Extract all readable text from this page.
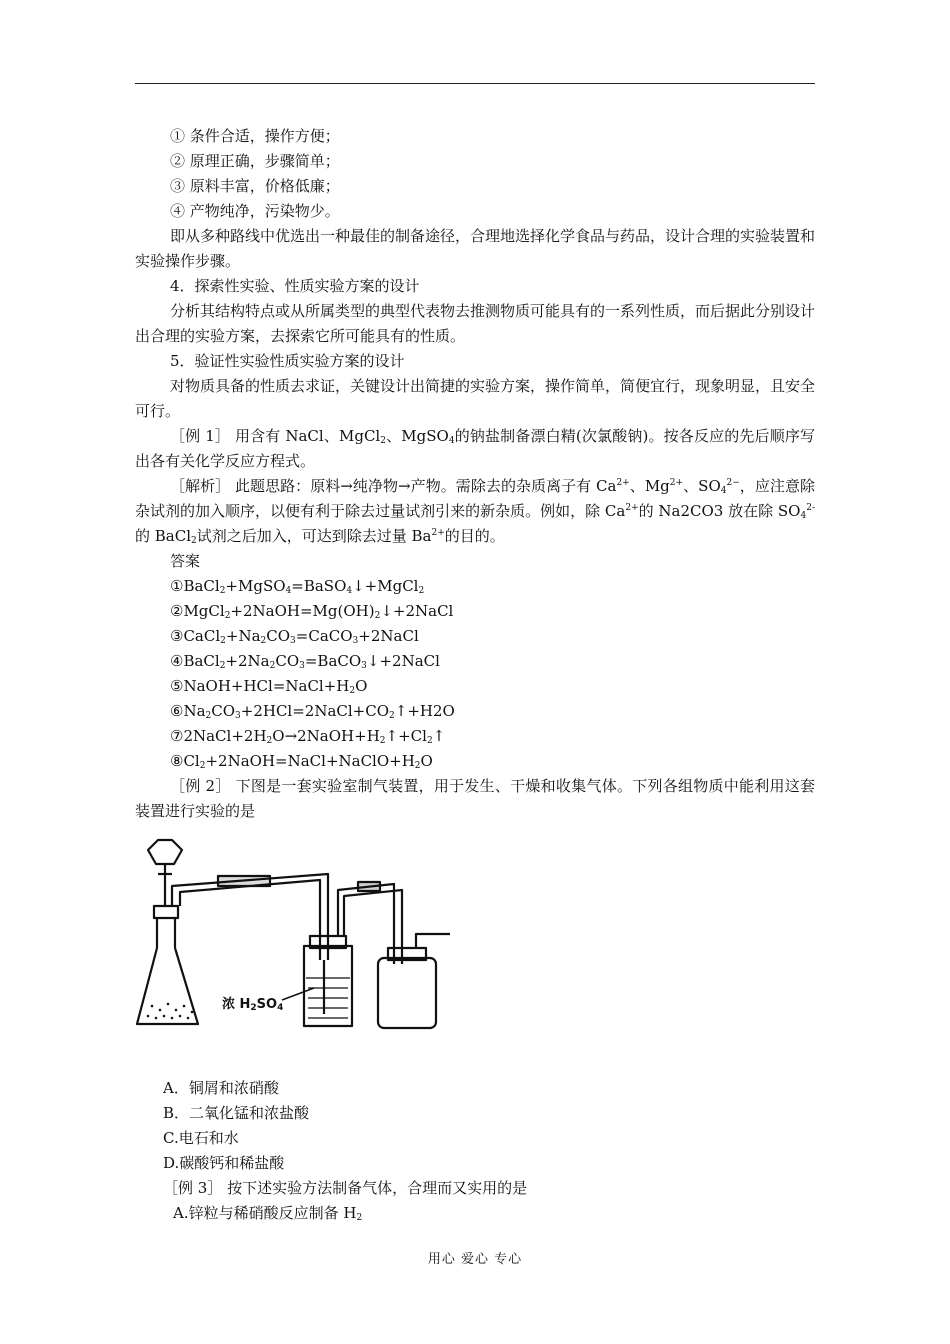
① 条件合适，操作方便；
② 原理正确，步骤简单；
③ 原料丰富，价格低廉；
④ 产物纯净，污染物少。
即从多种路线中优选出一种最佳的制备途径，合理地选择化学食品与药品，设计合理的实验装置和实验操作步骤。
4．探索性实验、性质实验方案的设计
分析其结构特点或从所属类型的典型代表物去推测物质可能具有的一系列性质，而后据此分别设计出合理的实验方案，去探索它所可能具有的性质。
5．验证性实验性质实验方案的设计
对物质具备的性质去求证，关键设计出简捷的实验方案，操作简单，简便宜行，现象明显，且安全可行。
［例 1］ 用含有 NaCl、MgCl$_2$、MgSO$_4$的钠盐制备漂白精(次氯酸钠)。按各反应的先后顺序写出各有关化学反应方程式。
［解析］ 此题思路：原料→纯净物→产物。需除去的杂质离子有 $Ca^{2+}$、$Mg^{2+}$、$SO_4^{2-}$，应注意除杂试剂的加入顺序，以便有利于除去过量试剂引来的新杂质。例如，除 $Ca^{2+}$的 Na2CO3 放在除 $SO_4^{2-}$的 BaCl$_2$试剂之后加入，可达到除去过量 $Ba^{2+}$的目的。
答案
①BaCl$_2$+MgSO$_4$=BaSO$_4$↓+MgCl$_2$
$②MgCl_2+2NaOH=Mg(OH)_2↓+2NaCl$
$③CaCl_2+Na_2CO_3=CaCO_3+2NaCl$
$④BaCl_2+2Na_2CO_3=BaCO_3↓+2NaCl$
$⑤NaOH+HCl=NaCl+H_2O$
$⑥Na_2CO_3+2HCl=2NaCl+CO_2↑+H2O$
$⑦2NaCl+2H_2O\to 2NaOH+H_2↑+Cl_2↑$
$⑧Cl_2+2NaOH=NaCl+NaClO+H_2O$
［例 2］ 下图是一套实验室制气装置，用于发生、干燥和收集气体。下列各组物质中能利用这套装置进行实验的是
A．铜屑和浓硝酸
B．二氧化锰和浓盐酸
C.电石和水
D.碳酸钙和稀盐酸
［例 3］ 按下述实验方法制备气体，合理而又实用的是
A.锌粒与稀硝酸反应制备 $H_2$
浓 $H_2SO_4$
用心 爱心 专心
